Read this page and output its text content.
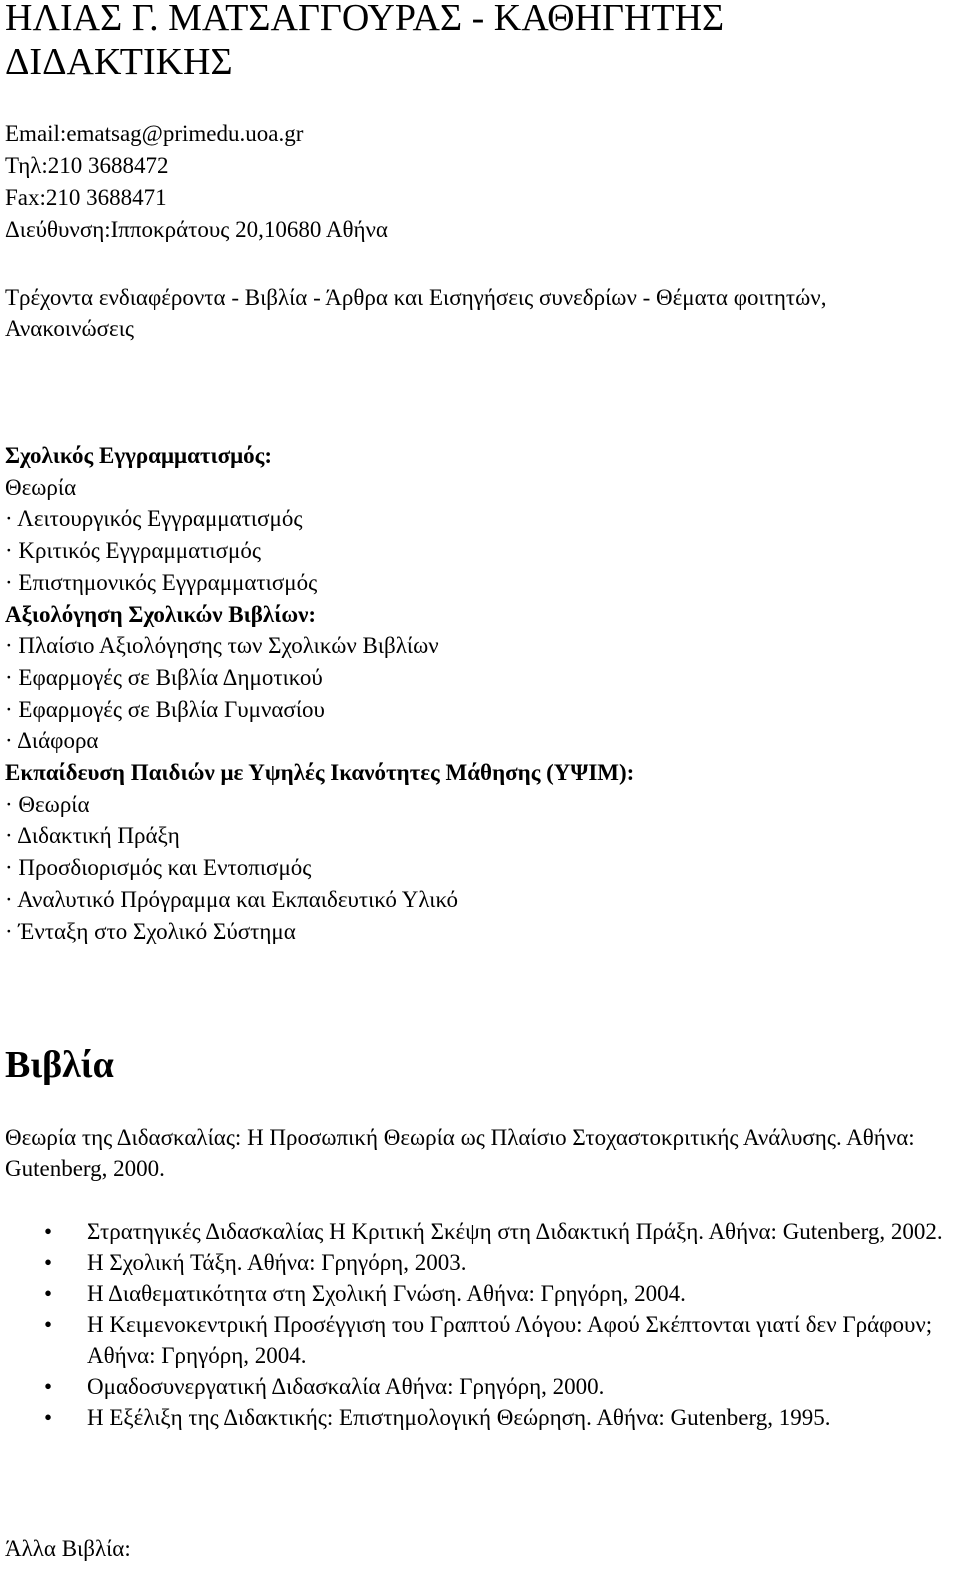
ΗΛΙΑΣ Γ. ΜΑΤΣΑΓΓΟΥΡΑΣ - ΚΑΘΗΓΗΤΗΣ ΔΙΔΑΚΤΙΚΗΣ
Email:ematsag@primedu.uoa.gr
Τηλ:210 3688472
Fax:210 3688471
Διεύθυνση:Ιπποκράτους 20,10680 Αθήνα
Τρέχοντα ενδιαφέροντα - Βιβλία - Άρθρα και Εισηγήσεις συνεδρίων - Θέματα φοιτητών, Ανακοινώσεις
Σχολικός Εγγραμματισμός:
Θεωρία
· Λειτουργικός Εγγραμματισμός
· Κριτικός Εγγραμματισμός
· Επιστημονικός Εγγραμματισμός
Αξιολόγηση Σχολικών Βιβλίων:
· Πλαίσιο Αξιολόγησης των Σχολικών Βιβλίων
· Εφαρμογές σε Βιβλία Δημοτικού
· Εφαρμογές σε Βιβλία Γυμνασίου
· Διάφορα
Εκπαίδευση Παιδιών με Υψηλές Ικανότητες Μάθησης (ΥΨΙΜ):
· Θεωρία
· Διδακτική Πράξη
· Προσδιορισμός και Εντοπισμός
· Αναλυτικό Πρόγραμμα και Εκπαιδευτικό Υλικό
· Ένταξη στο Σχολικό Σύστημα
Βιβλία
Θεωρία της Διδασκαλίας: Η Προσωπική Θεωρία ως Πλαίσιο Στοχαστοκριτικής Ανάλυσης. Αθήνα: Gutenberg, 2000.
• Στρατηγικές Διδασκαλίας Η Κριτική Σκέψη στη Διδακτική Πράξη. Αθήνα: Gutenberg, 2002.
• Η Σχολική Τάξη. Αθήνα: Γρηγόρη, 2003.
• Η Διαθεματικότητα στη Σχολική Γνώση. Αθήνα: Γρηγόρη, 2004.
• Η Κειμενοκεντρική Προσέγγιση του Γραπτού Λόγου: Αφού Σκέπτονται γιατί δεν Γράφουν; Αθήνα: Γρηγόρη, 2004.
• Ομαδοσυνεργατική Διδασκαλία Αθήνα: Γρηγόρη, 2000.
• Η Εξέλιξη της Διδακτικής: Επιστημολογική Θεώρηση. Αθήνα: Gutenberg, 1995.
Άλλα Βιβλία:
